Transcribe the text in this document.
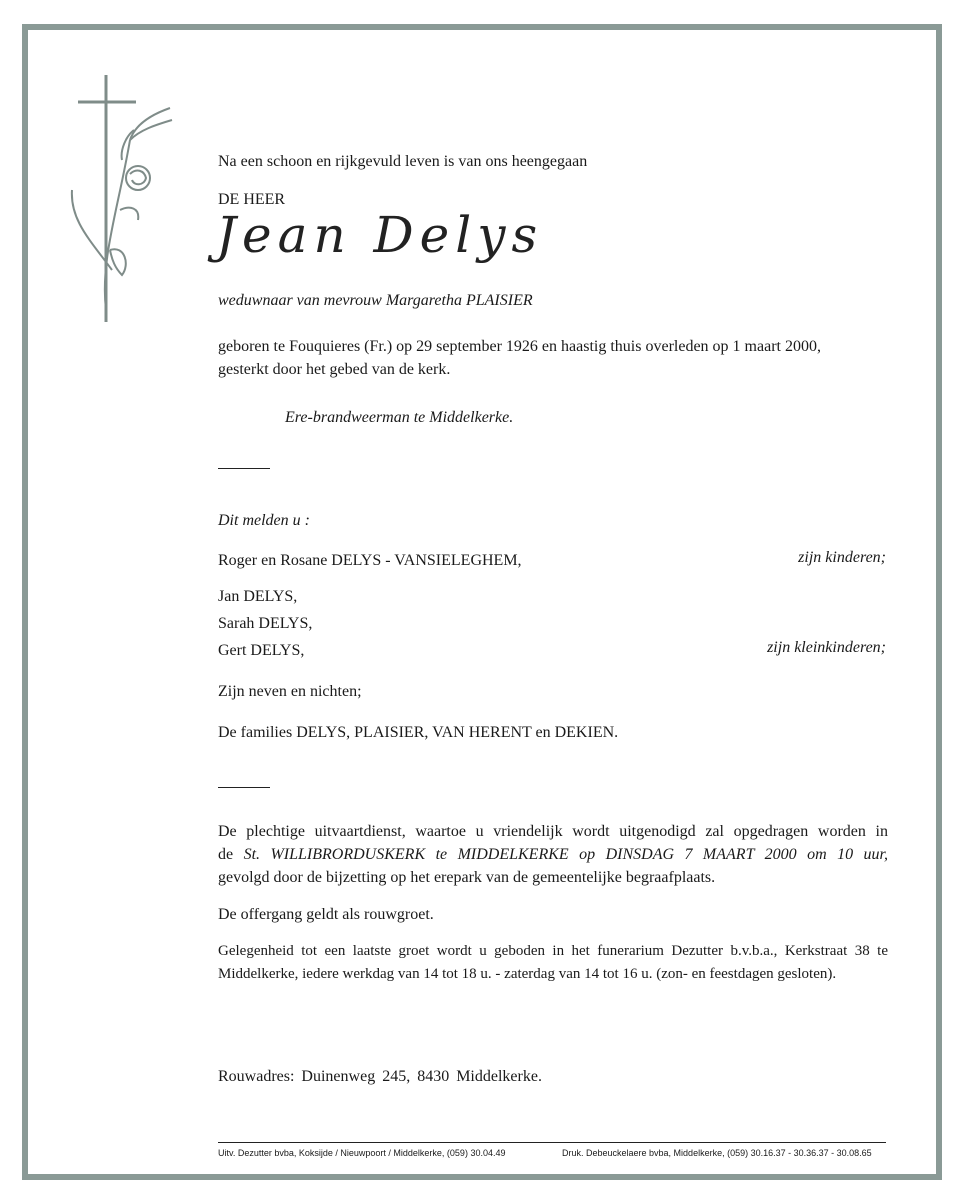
Na een schoon en rijkgevuld leven is van ons heengegaan
DE HEER
Jean Delys
weduwnaar van mevrouw Margaretha PLAISIER
geboren te Fouquieres (Fr.) op 29 september 1926 en haastig thuis overleden op 1 maart 2000,
gesterkt door het gebed van de kerk.
Ere-brandweerman te Middelkerke.
Dit melden u :
Roger en Rosane DELYS - VANSIELEGHEM,	zijn kinderen;
Jan DELYS,
Sarah DELYS,
Gert DELYS,	zijn kleinkinderen;
Zijn neven en nichten;
De families DELYS, PLAISIER, VAN HERENT en DEKIEN.
De plechtige uitvaartdienst, waartoe u vriendelijk wordt uitgenodigd zal opgedragen worden in
de St. WILLIBRORDUSKERK te MIDDELKERKE op DINSDAG 7 MAART 2000 om 10 uur,
gevolgd door de bijzetting op het erepark van de gemeentelijke begraafplaats.
De offergang geldt als rouwgroet.
Gelegenheid tot een laatste groet wordt u geboden in het funerarium Dezutter b.v.b.a., Kerkstraat 38 te
Middelkerke, iedere werkdag van 14 tot 18 u. - zaterdag van 14 tot 16 u. (zon- en feestdagen gesloten).
Rouwadres: Duinenweg 245, 8430 Middelkerke.
Uitv. Dezutter bvba, Koksijde / Nieuwpoort / Middelkerke, (059) 30.04.49	Druk. Debeuckelaere bvba, Middelkerke, (059) 30.16.37 - 30.36.37 - 30.08.65
